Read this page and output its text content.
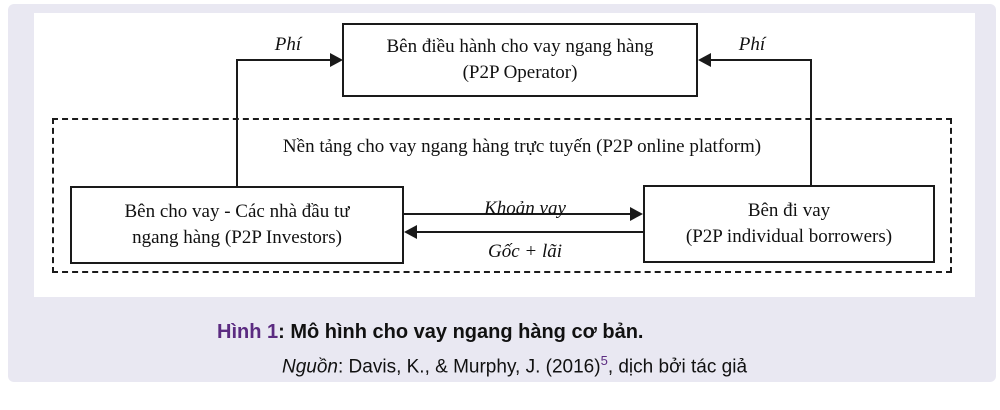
Bên điều hành cho vay ngang hàng
(P2P Operator)
Nền tảng cho vay ngang hàng trực tuyến (P2P online platform)
Bên cho vay - Các nhà đầu tư
ngang hàng (P2P Investors)
Bên đi vay
(P2P individual borrowers)
Phí	Phí
Khoản vay
Gốc + lãi
Hình 1: Mô hình cho vay ngang hàng cơ bản.
Nguồn: Davis, K., & Murphy, J. $(2016)^5$, dịch bởi tác giả
